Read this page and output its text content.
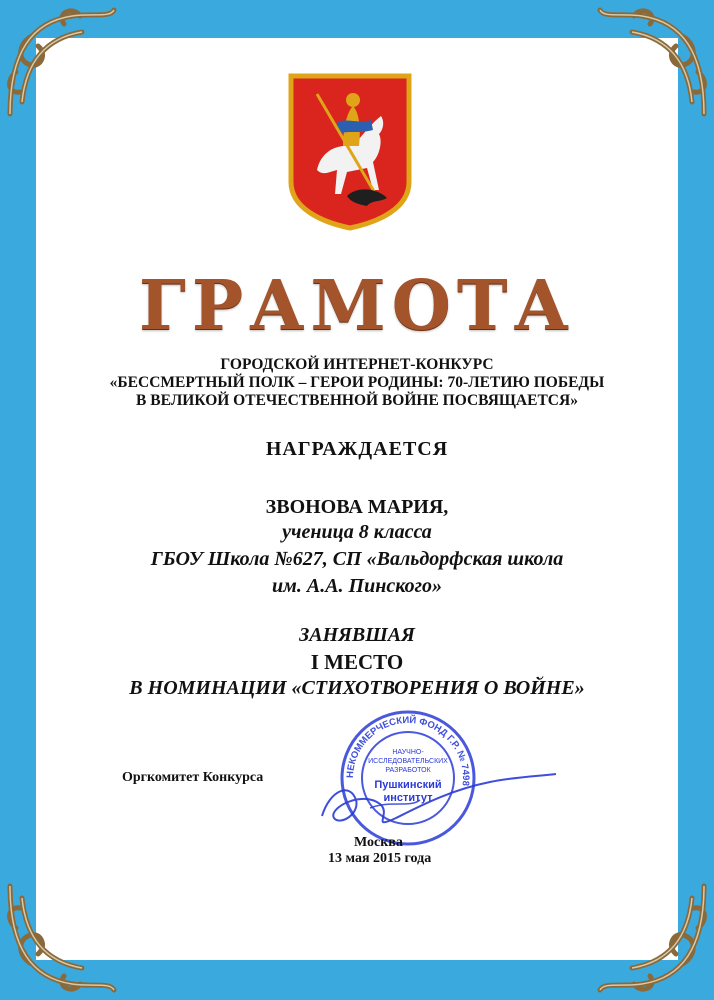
ГРАМОТА
ГОРОДСКОЙ ИНТЕРНЕТ-КОНКУРС
«БЕССМЕРТНЫЙ ПОЛК – ГЕРОИ РОДИНЫ: 70-ЛЕТИЮ ПОБЕДЫ
В ВЕЛИКОЙ ОТЕЧЕСТВЕННОЙ ВОЙНЕ ПОСВЯЩАЕТСЯ»
НАГРАЖДАЕТСЯ
ЗВОНОВА МАРИЯ,
ученица 8 класса
ГБОУ Школа №627, СП «Вальдорфская школа
им. А.А. Пинского»
ЗАНЯВШАЯ
I МЕСТО
В НОМИНАЦИИ «СТИХОТВОРЕНИЯ О ВОЙНЕ»
Оргкомитет Конкурса	НЕКОММЕРЧЕСКИЙ ФОНД Г.Р. № 7498
НАУЧНО-
ИССЛЕДОВАТЕЛЬСКИХ
РАЗРАБОТОК
Пушкинский
институт
Москва
13 мая 2015 года
